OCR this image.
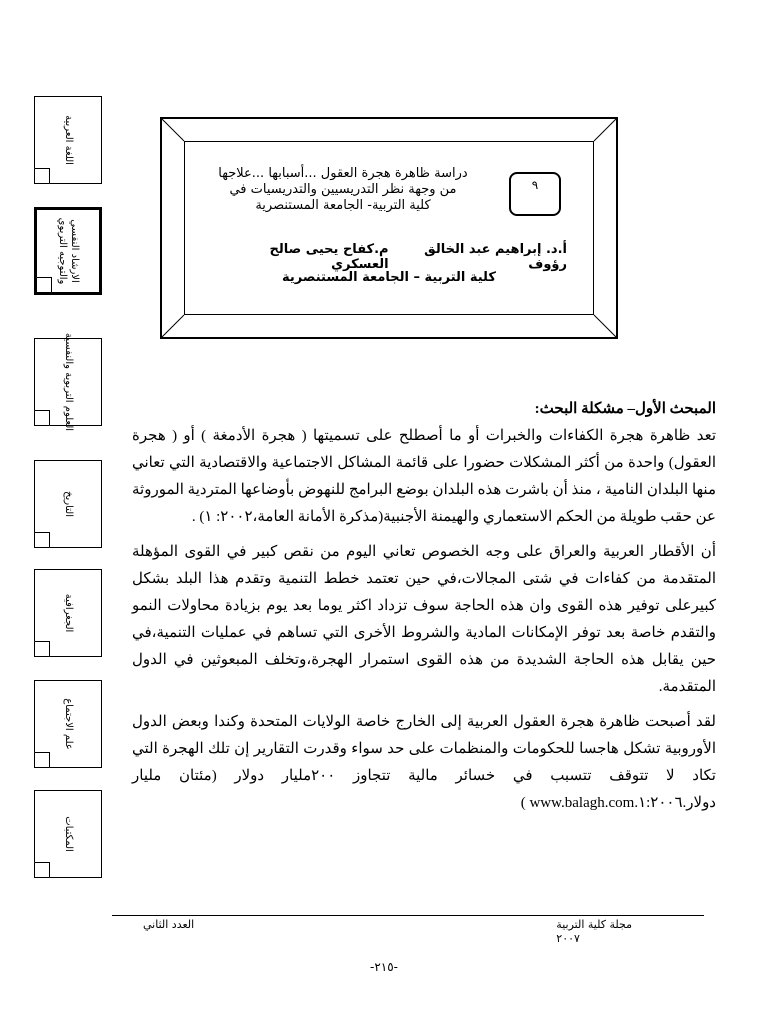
اللغة العربية
الارشاد النفسي والتوجيه التربوي
العلوم التربوية والنفسية
التاريخ
الجغرافية
علم الاجتماع
المكتبات
دراسة ظاهرة هجرة العقول ...أسبابها ...علاجها
من وجهة نظر التدريسيين والتدريسيات في
كلية التربية- الجامعة المستنصرية
٩
أ.د. إبراهيم عبد الخالق رؤوف
م.كفاح يحيى صالح العسكري
كلية التربية – الجامعة المستنصرية
المبحث الأول– مشكلة البحث:

تعد ظاهرة هجرة الكفاءات والخبرات أو ما أصطلح على تسميتها ( هجرة الأدمغة ) أو ( هجرة العقول) واحدة من أكثر المشكلات حضورا على قائمة المشاكل الاجتماعية والاقتصادية التي تعاني منها البلدان النامية ، منذ أن باشرت هذه البلدان بوضع البرامج للنهوض بأوضاعها المتردية الموروثة عن حقب طويلة من الحكم الاستعماري والهيمنة الأجنبية(مذكرة الأمانة العامة،٢٠٠٢: ١) .

أن الأقطار العربية والعراق على وجه الخصوص تعاني اليوم من نقص كبير في القوى المؤهلة المتقدمة من كفاءات في شتى المجالات،في حين تعتمد خطط التنمية وتقدم هذا البلد بشكل كبيرعلى توفير هذه القوى وان هذه الحاجة سوف تزداد اكثر يوما بعد يوم بزيادة محاولات النمو والتقدم خاصة بعد توفر الإمكانات المادية والشروط الأخرى التي تساهم في عمليات التنمية،في حين يقابل هذه الحاجة الشديدة من هذه القوى استمرار الهجرة،وتخلف المبعوثين في الدول المتقدمة.

لقد أصبحت ظاهرة هجرة العقول العربية إلى الخارج خاصة الولايات المتحدة وكندا وبعض الدول الأوروبية تشكل هاجسا للحكومات والمنظمات على حد سواء وقدرت التقارير إن تلك الهجرة التي تكاد لا تتوقف تتسبب في خسائر مالية تتجاوز ٢٠٠مليار دولار (مئتان مليار دولار.١:٢٠٠٦.www.balagh.com )

العدد الثاني	مجلة كلية التربية
٢٠٠٧
-٢١٥-
